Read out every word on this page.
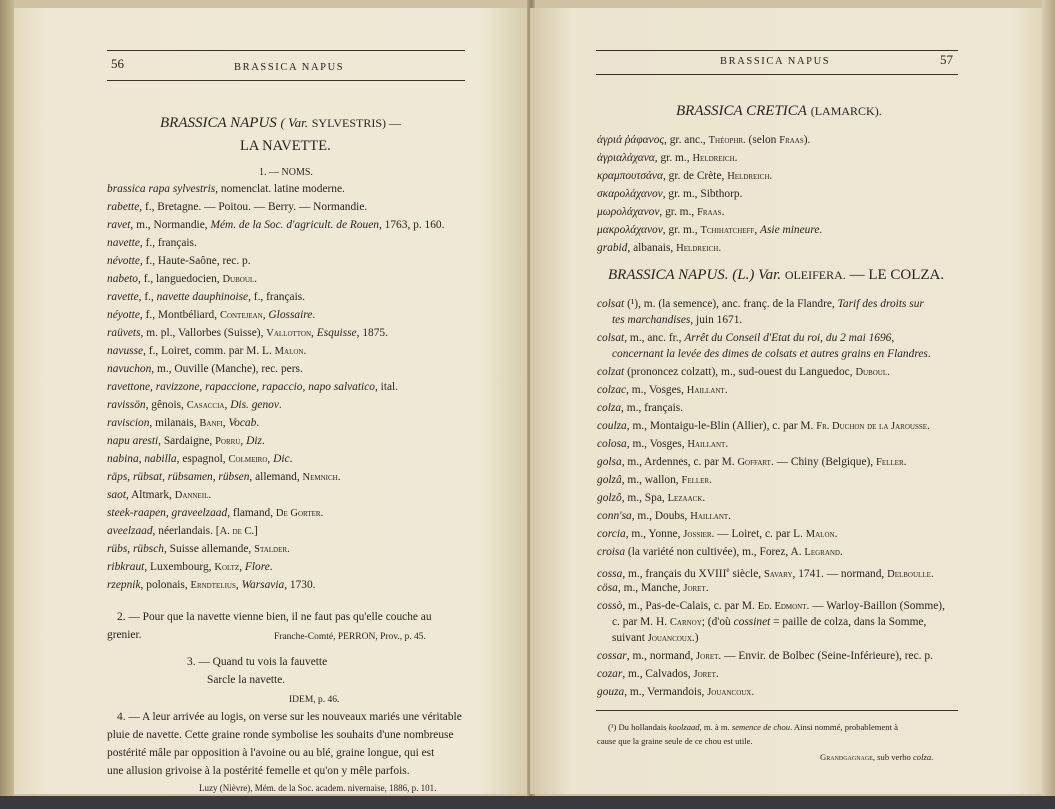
56	BRASSICA NAPUS
BRASSICA NAPUS ( Var. SYLVESTRIS) —
LA NAVETTE.
1. — NOMS.
brassica rapa sylvestris, nomenclat. latine moderne.
rabette, f., Bretagne. — Poitou. — Berry. — Normandie.
ravet, m., Normandie, Mém. de la Soc. d'agricult. de Rouen, 1763, p. 160.
navette, f., français.
névotte, f., Haute-Saône, rec. p.
nabeto, f., languedocien, Duboul.
ravette, f., navette dauphinoise, f., français.
néyotte, f., Montbéliard, Contejean, Glossaire.
raüvets, m. pl., Vallorbes (Suisse), Vallotton, Esquisse, 1875.
navusse, f., Loiret, comm. par M. L. Malon.
navuchon, m., Ouville (Manche), rec. pers.
ravettone, ravizzone, rapaccione, rapaccio, napo salvatico, ital.
ravissön, gênois, Casaccia, Dis. genov.
raviscion, milanais, Banfi, Vocab.
napu aresti, Sardaigne, Porru, Diz.
nabina, nabilla, espagnol, Colmeiro, Dic.
räps, rübsat, rübsamen, rübsen, allemand, Nemnich.
saot, Altmark, Danneil.
steek-raapen, graveelzaad, flamand, De Gorter.
aveelzaad, néerlandais. [A. de C.]
rübs, rübsch, Suisse allemande, Stalder.
ribkraut, Luxembourg, Koltz, Flore.
rzepnik, polonais, Erndtelius, Warsavia, 1730.
2. — Pour que la navette vienne bien, il ne faut pas qu'elle couche au
grenier.	Franche-Comté, PERRON, Prov., p. 45.
3. — Quand tu vois la fauvette
Sarcle la navette.
IDEM, p. 46.
4. — A leur arrivée au logis, on verse sur les nouveaux mariés une véritable
pluie de navette. Cette graine ronde symbolise les souhaits d'une nombreuse
postérité mâle par opposition à l'avoine ou au blé, graine longue, qui est
une allusion grivoise à la postérité femelle et qu'on y mêle parfois.
Luzy (Nièvre), Mém. de la Soc. academ. nivernaise, 1886, p. 101.
BRASSICA NAPUS	57
BRASSICA CRETICA (LAMARCK).
ἀγριά ῥάφανος, gr. anc., Théophr. (selon Fraas).
ἀγριαλάχανα, gr. m., Heldreich.
κραμπουτσάνα, gr. de Crète, Heldreich.
σκαρολάχανον, gr. m., Sibthorp.
μωρολάχανον, gr. m., Fraas.
μακρολάχανον, gr. m., Tchihatcheff, Asie mineure.
grabid, albanais, Heldreich.
BRASSICA NAPUS. (L.) Var. OLEIFERA. — LE COLZA.
colsat (¹), m. (la semence), anc. franç. de la Flandre, Tarif des droits sur
tes marchandises, juin 1671.
colsat, m., anc. fr., Arrêt du Conseil d'Etat du roi, du 2 mai 1696,
concernant la levée des dimes de colsats et autres grains en Flandres.
colzat (prononcez colzatt), m., sud-ouest du Languedoc, Duboul.
colzac, m., Vosges, Haillant.
colza, m., français.
coulza, m., Montaigu-le-Blin (Allier), c. par M. Fr. Duchon de la Jarousse.
colosa, m., Vosges, Haillant.
golsa, m., Ardennes, c. par M. Goffart. — Chiny (Belgique), Feller.
golzâ, m., wallon, Feller.
golzô, m., Spa, Lezaack.
conn'sa, m., Doubs, Haillant.
corcia, m., Yonne, Jossier. — Loiret, c. par L. Malon.
croisa (la variété non cultivée), m., Forez, A. Legrand.
cossa, m., français du XVIIIe siècle, Savary, 1741. — normand, Delboulle.
cösa, m., Manche, Joret.
cossò, m., Pas-de-Calais, c. par M. Ed. Edmont. — Warloy-Baillon (Somme),
c. par M. H. Carnoy; (d'où cossinet = paille de colza, dans la Somme,
suivant Jouancoux.)
cossar, m., normand, Joret. — Envir. de Bolbec (Seine-Inférieure), rec. p.
cozar, m., Calvados, Joret.
gouza, m., Vermandois, Jouancoux.
(¹) Du hollandais koolzaad, m. à m. semence de chou. Ainsi nommé, probablement à
cause que la graine seule de ce chou est utile.
Grandgagnage, sub verbo colza.
